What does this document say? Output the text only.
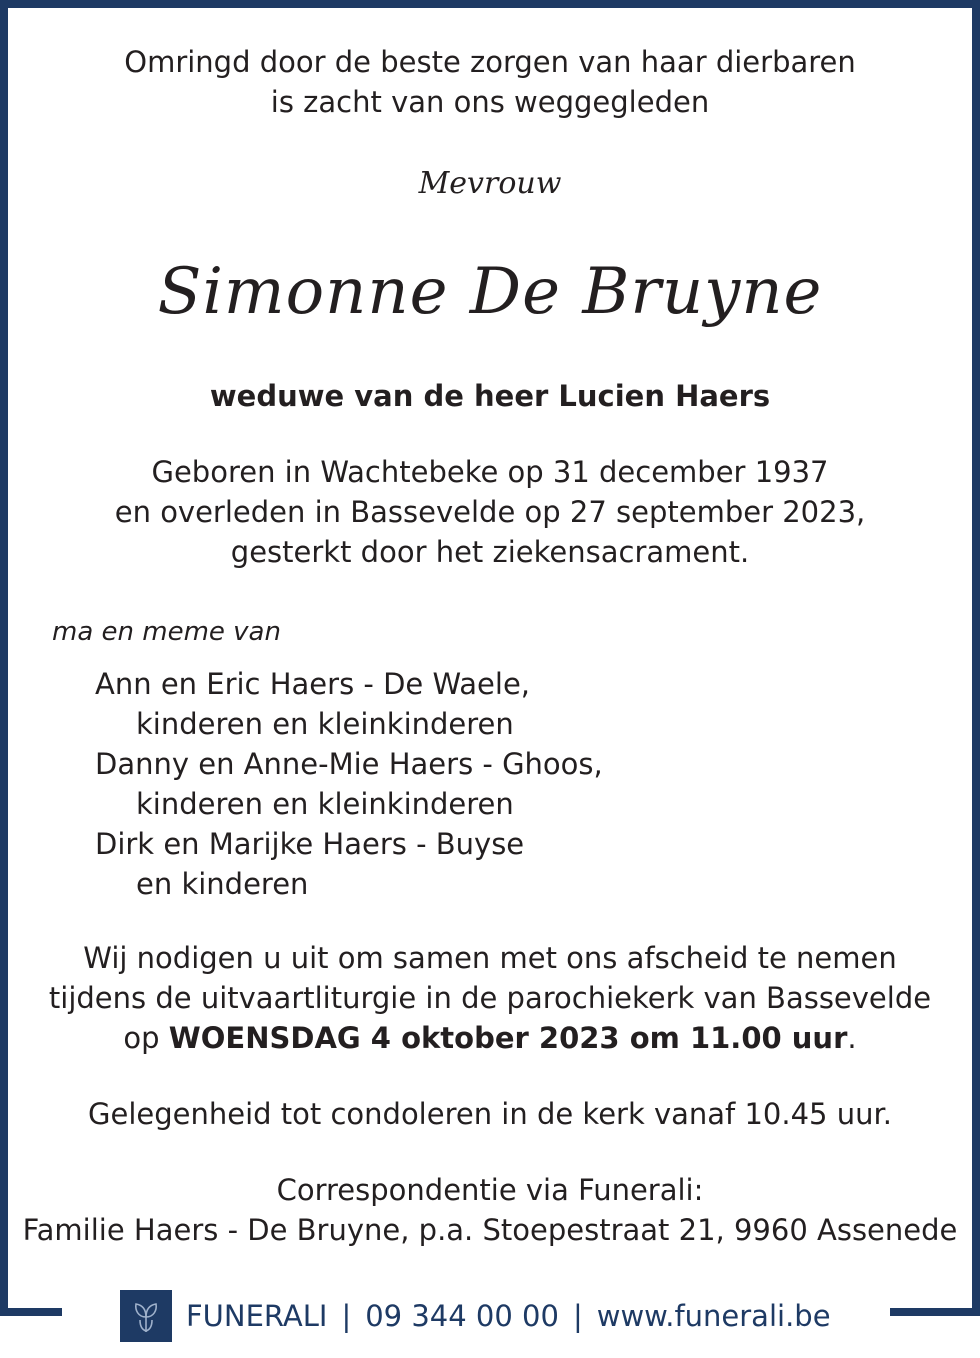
Omringd door de beste zorgen van haar dierbaren
is zacht van ons weggegleden
Mevrouw
Simonne De Bruyne
weduwe van de heer Lucien Haers
Geboren in Wachtebeke op 31 december 1937
en overleden in Bassevelde op 27 september 2023,
gesterkt door het ziekensacrament.
ma en meme van
Ann en Eric Haers - De Waele,
kinderen en kleinkinderen
Danny en Anne-Mie Haers - Ghoos,
kinderen en kleinkinderen
Dirk en Marijke Haers - Buyse
en kinderen
Wij nodigen u uit om samen met ons afscheid te nemen
tijdens de uitvaartliturgie in de parochiekerk van Bassevelde
op WOENSDAG 4 oktober 2023 om 11.00 uur.
Gelegenheid tot condoleren in de kerk vanaf 10.45 uur.
Correspondentie via Funerali:
Familie Haers - De Bruyne, p.a. Stoepestraat 21, 9960 Assenede
FUNERALI | 09 344 00 00 | www.funerali.be
